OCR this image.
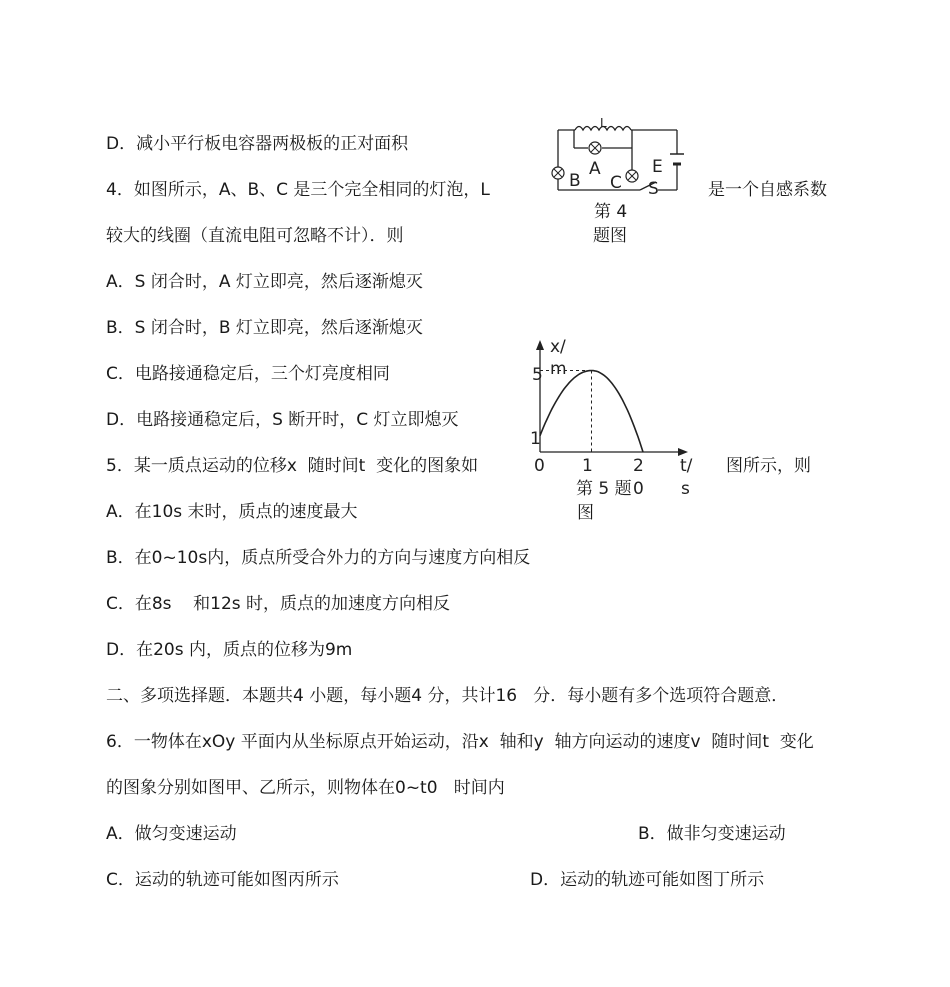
D．减小平行板电容器两极板的正对面积
4．如图所示，A、B、C 是三个完全相同的灯泡，L	是一个自感系数
较大的线圈（直流电阻可忽略不计）．则
A．S 闭合时，A 灯立即亮，然后逐渐熄灭
B．S 闭合时，B 灯立即亮，然后逐渐熄灭
C．电路接通稳定后，三个灯亮度相同
D．电路接通稳定后，S 断开时，C 灯立即熄灭
5．某一质点运动的位移x  随时间t  变化的图象如	图所示，则
A．在10s 末时，质点的速度最大
B．在0~10s内，质点所受合外力的方向与速度方向相反
C．在8s    和12s 时，质点的加速度方向相反
D．在20s 内，质点的位移为9m
二、多项选择题．本题共4 小题，每小题4 分，共计16   分．每小题有多个选项符合题意．
6．一物体在xOy 平面内从坐标原点开始运动，沿x  轴和y  轴方向运动的速度v  随时间t  变化
的图象分别如图甲、乙所示，则物体在0~t0   时间内
A．做匀变速运动	B．做非匀变速运动
C．运动的轨迹可能如图丙所示	D．运动的轨迹可能如图丁所示
L
A
B C
E
S
第 4
题图
x/
m
5
1
0 1 2 t/
s
第 5 题 0
图
